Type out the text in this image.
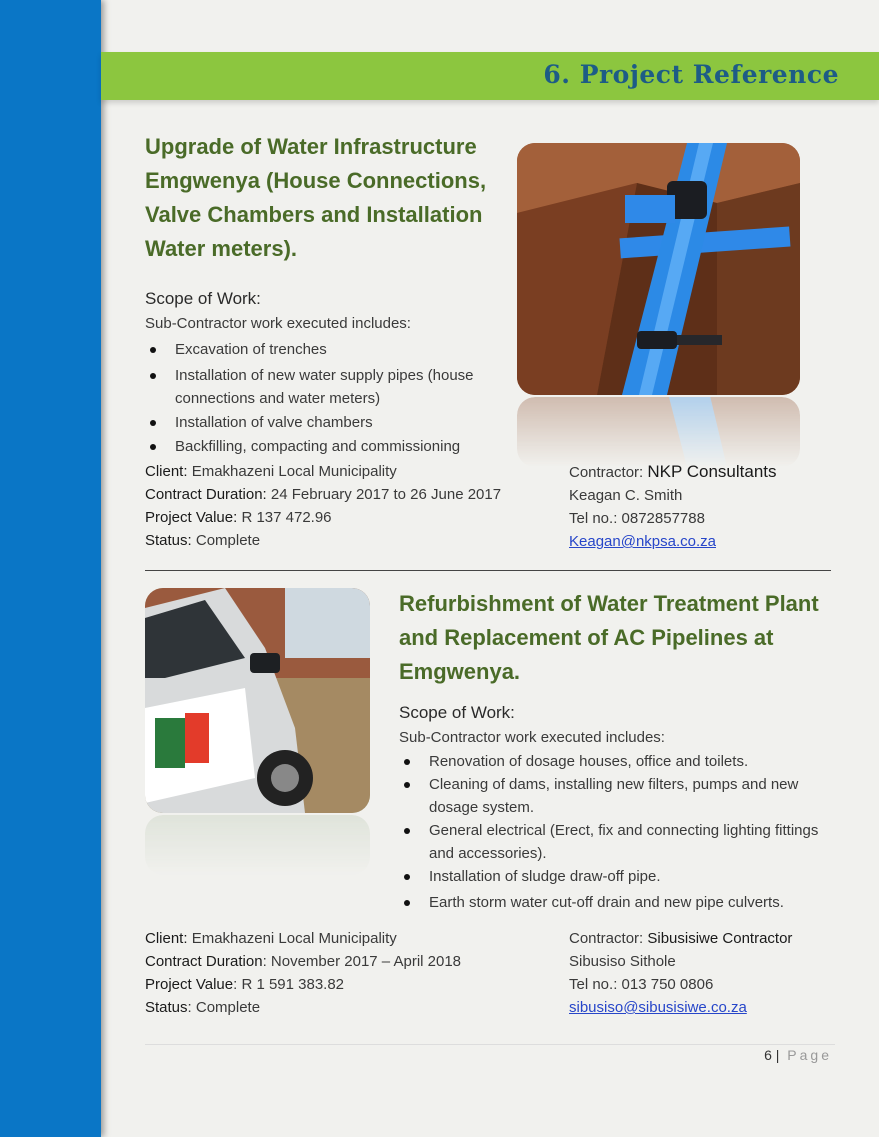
6. Project Reference
Upgrade of Water Infrastructure Emgwenya (House Connections, Valve Chambers and Installation Water meters).
Scope of Work:
Sub-Contractor work executed includes:
Excavation of trenches
Installation of new water supply pipes (house connections and water meters)
Installation of valve chambers
Backfilling, compacting and commissioning
Client: Emakhazeni Local Municipality
Contract Duration: 24 February 2017 to 26 June 2017
Project Value: R 137 472.96
Status: Complete
Contractor: NKP Consultants
Keagan C. Smith
Tel no.: 0872857788
Keagan@nkpsa.co.za
Refurbishment of Water Treatment Plant and Replacement of AC Pipelines at Emgwenya.
Scope of Work:
Sub-Contractor work executed includes:
Renovation of dosage houses, office and toilets.
Cleaning of dams, installing new filters, pumps and new dosage system.
General electrical (Erect, fix and connecting lighting fittings and accessories).
Installation of sludge draw-off pipe.
Earth storm water cut-off drain and new pipe culverts.
Client: Emakhazeni Local Municipality
Contract Duration: November 2017 – April 2018
Project Value: R 1 591 383.82
Status: Complete
Contractor: Sibusisiwe Contractor
Sibusiso Sithole
Tel no.: 013 750 0806
sibusiso@sibusisiwe.co.za
6 | Page
